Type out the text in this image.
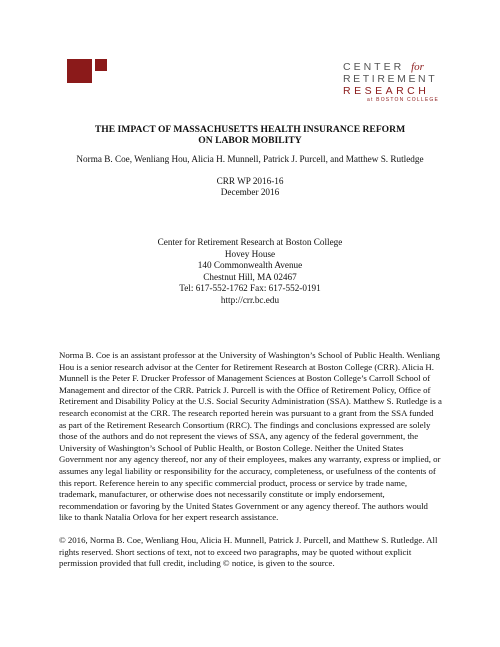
CENTER for
RETIREMENT
RESEARCH
at BOSTON COLLEGE
THE IMPACT OF MASSACHUSETTS HEALTH INSURANCE REFORM
ON LABOR MOBILITY
Norma B. Coe, Wenliang Hou, Alicia H. Munnell, Patrick J. Purcell, and Matthew S. Rutledge
CRR WP 2016-16
December 2016
Center for Retirement Research at Boston College
Hovey House
140 Commonwealth Avenue
Chestnut Hill, MA 02467
Tel: 617-552-1762 Fax: 617-552-0191
http://crr.bc.edu
Norma B. Coe is an assistant professor at the University of Washington’s School of Public Health. Wenliang Hou is a senior research advisor at the Center for Retirement Research at Boston College (CRR). Alicia H. Munnell is the Peter F. Drucker Professor of Management Sciences at Boston College’s Carroll School of Management and director of the CRR. Patrick J. Purcell is with the Office of Retirement Policy, Office of Retirement and Disability Policy at the U.S. Social Security Administration (SSA). Matthew S. Rutledge is a research economist at the CRR. The research reported herein was pursuant to a grant from the SSA funded as part of the Retirement Research Consortium (RRC). The findings and conclusions expressed are solely those of the authors and do not represent the views of SSA, any agency of the federal government, the University of Washington’s School of Public Health, or Boston College. Neither the United States Government nor any agency thereof, nor any of their employees, makes any warranty, express or implied, or assumes any legal liability or responsibility for the accuracy, completeness, or usefulness of the contents of this report. Reference herein to any specific commercial product, process or service by trade name, trademark, manufacturer, or otherwise does not necessarily constitute or imply endorsement, recommendation or favoring by the United States Government or any agency thereof. The authors would like to thank Natalia Orlova for her expert research assistance.
© 2016, Norma B. Coe, Wenliang Hou, Alicia H. Munnell, Patrick J. Purcell, and Matthew S. Rutledge. All rights reserved. Short sections of text, not to exceed two paragraphs, may be quoted without explicit permission provided that full credit, including © notice, is given to the source.
